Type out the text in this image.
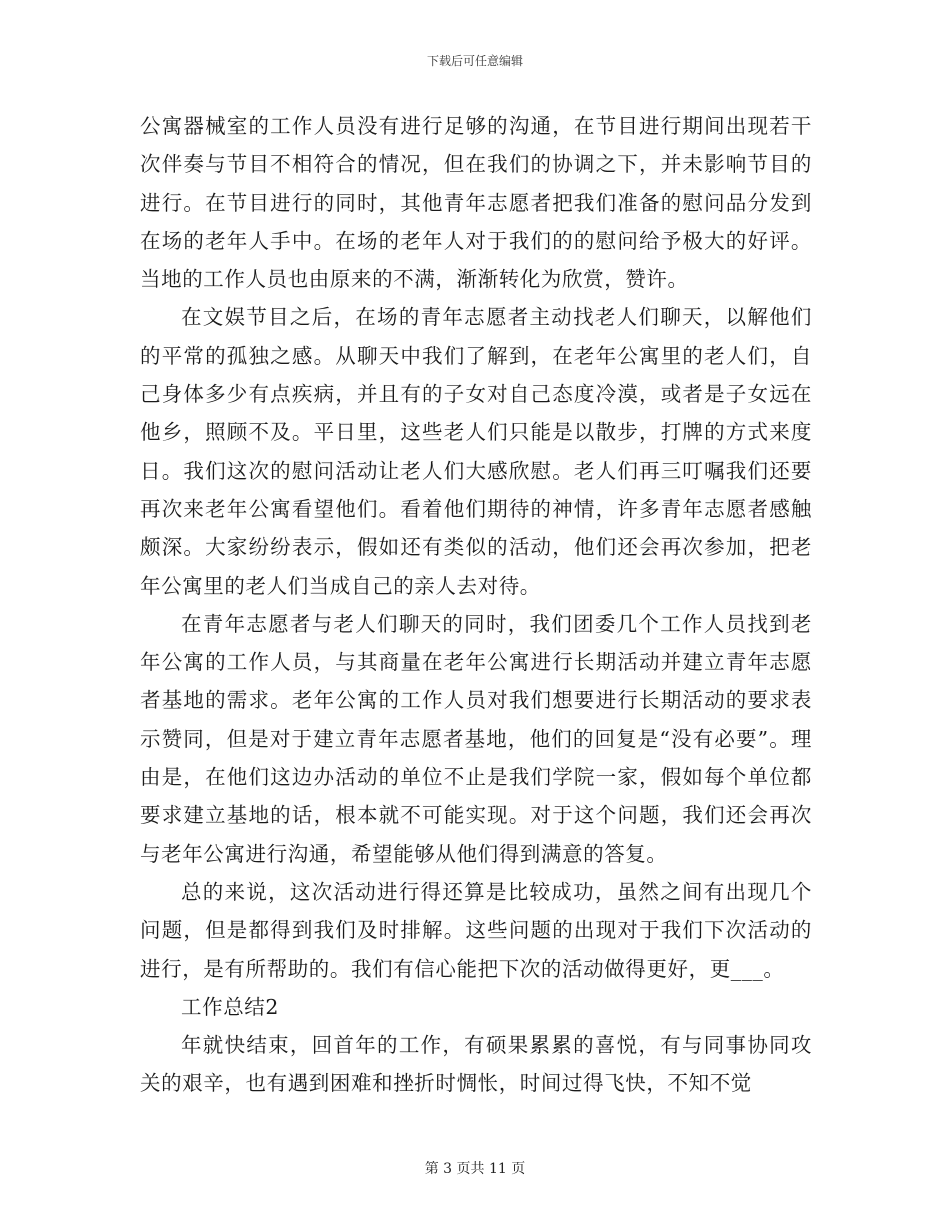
下载后可任意编辑

公寓器械室的工作人员没有进行足够的沟通，在节目进行期间出现若干次伴奏与节目不相符合的情况，但在我们的协调之下，并未影响节目的进行。在节目进行的同时，其他青年志愿者把我们准备的慰问品分发到在场的老年人手中。在场的老年人对于我们的的慰问给予极大的好评。当地的工作人员也由原来的不满，渐渐转化为欣赏，赞许。

在文娱节目之后，在场的青年志愿者主动找老人们聊天，以解他们的平常的孤独之感。从聊天中我们了解到，在老年公寓里的老人们，自己身体多少有点疾病，并且有的子女对自己态度冷漠，或者是子女远在他乡，照顾不及。平日里，这些老人们只能是以散步，打牌的方式来度日。我们这次的慰问活动让老人们大感欣慰。老人们再三叮嘱我们还要再次来老年公寓看望他们。看着他们期待的神情，许多青年志愿者感触颇深。大家纷纷表示，假如还有类似的活动，他们还会再次参加，把老年公寓里的老人们当成自己的亲人去对待。

在青年志愿者与老人们聊天的同时，我们团委几个工作人员找到老年公寓的工作人员，与其商量在老年公寓进行长期活动并建立青年志愿者基地的需求。老年公寓的工作人员对我们想要进行长期活动的要求表示赞同，但是对于建立青年志愿者基地，他们的回复是“没有必要”。理由是，在他们这边办活动的单位不止是我们学院一家，假如每个单位都要求建立基地的话，根本就不可能实现。对于这个问题，我们还会再次与老年公寓进行沟通，希望能够从他们得到满意的答复。

总的来说，这次活动进行得还算是比较成功，虽然之间有出现几个问题，但是都得到我们及时排解。这些问题的出现对于我们下次活动的进行，是有所帮助的。我们有信心能把下次的活动做得更好，更___。

工作总结2

年就快结束，回首年的工作，有硕果累累的喜悦，有与同事协同攻关的艰辛，也有遇到困难和挫折时惆怅，时间过得飞快，不知不觉

第 3 页共 11 页
